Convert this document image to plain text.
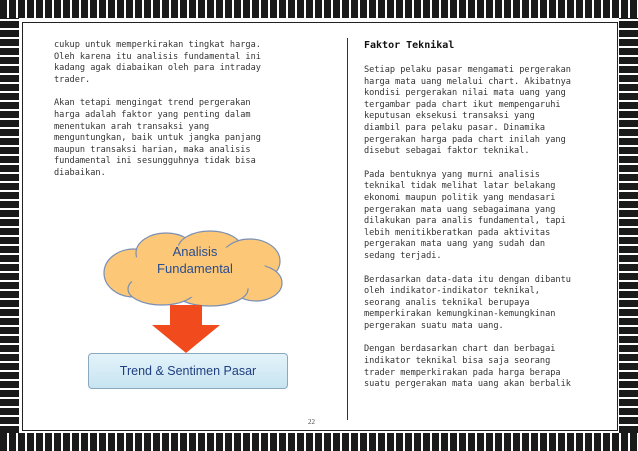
cukup untuk memperkirakan tingkat harga.
Oleh karena itu analisis fundamental ini
kadang agak diabaikan oleh para intraday
trader.

Akan tetapi mengingat trend pergerakan
harga adalah faktor yang penting dalam
menentukan arah transaksi yang
menguntungkan, baik untuk jangka panjang
maupun transaksi harian, maka analisis
fundamental ini sesungguhnya tidak bisa
diabaikan.

Analisis Fundamental
Trend & Sentimen Pasar
Faktor Teknikal

Setiap pelaku pasar mengamati pergerakan
harga mata uang melalui chart. Akibatnya
kondisi pergerakan nilai mata uang yang
tergambar pada chart ikut mempengaruhi
keputusan eksekusi transaksi yang
diambil para pelaku pasar. Dinamika
pergerakan harga pada chart inilah yang
disebut sebagai faktor teknikal.

Pada bentuknya yang murni analisis
teknikal tidak melihat latar belakang
ekonomi maupun politik yang mendasari
pergerakan mata uang sebagaimana yang
dilakukan para analis fundamental, tapi
lebih menitikberatkan pada aktivitas
pergerakan mata uang yang sudah dan
sedang terjadi.

Berdasarkan data-data itu dengan dibantu
oleh indikator-indikator teknikal,
seorang analis teknikal berupaya
memperkirakan kemungkinan-kemungkinan
pergerakan suatu mata uang.

Dengan berdasarkan chart dan berbagai
indikator teknikal bisa saja seorang
trader memperkirakan pada harga berapa
suatu pergerakan mata uang akan berbalik

22
